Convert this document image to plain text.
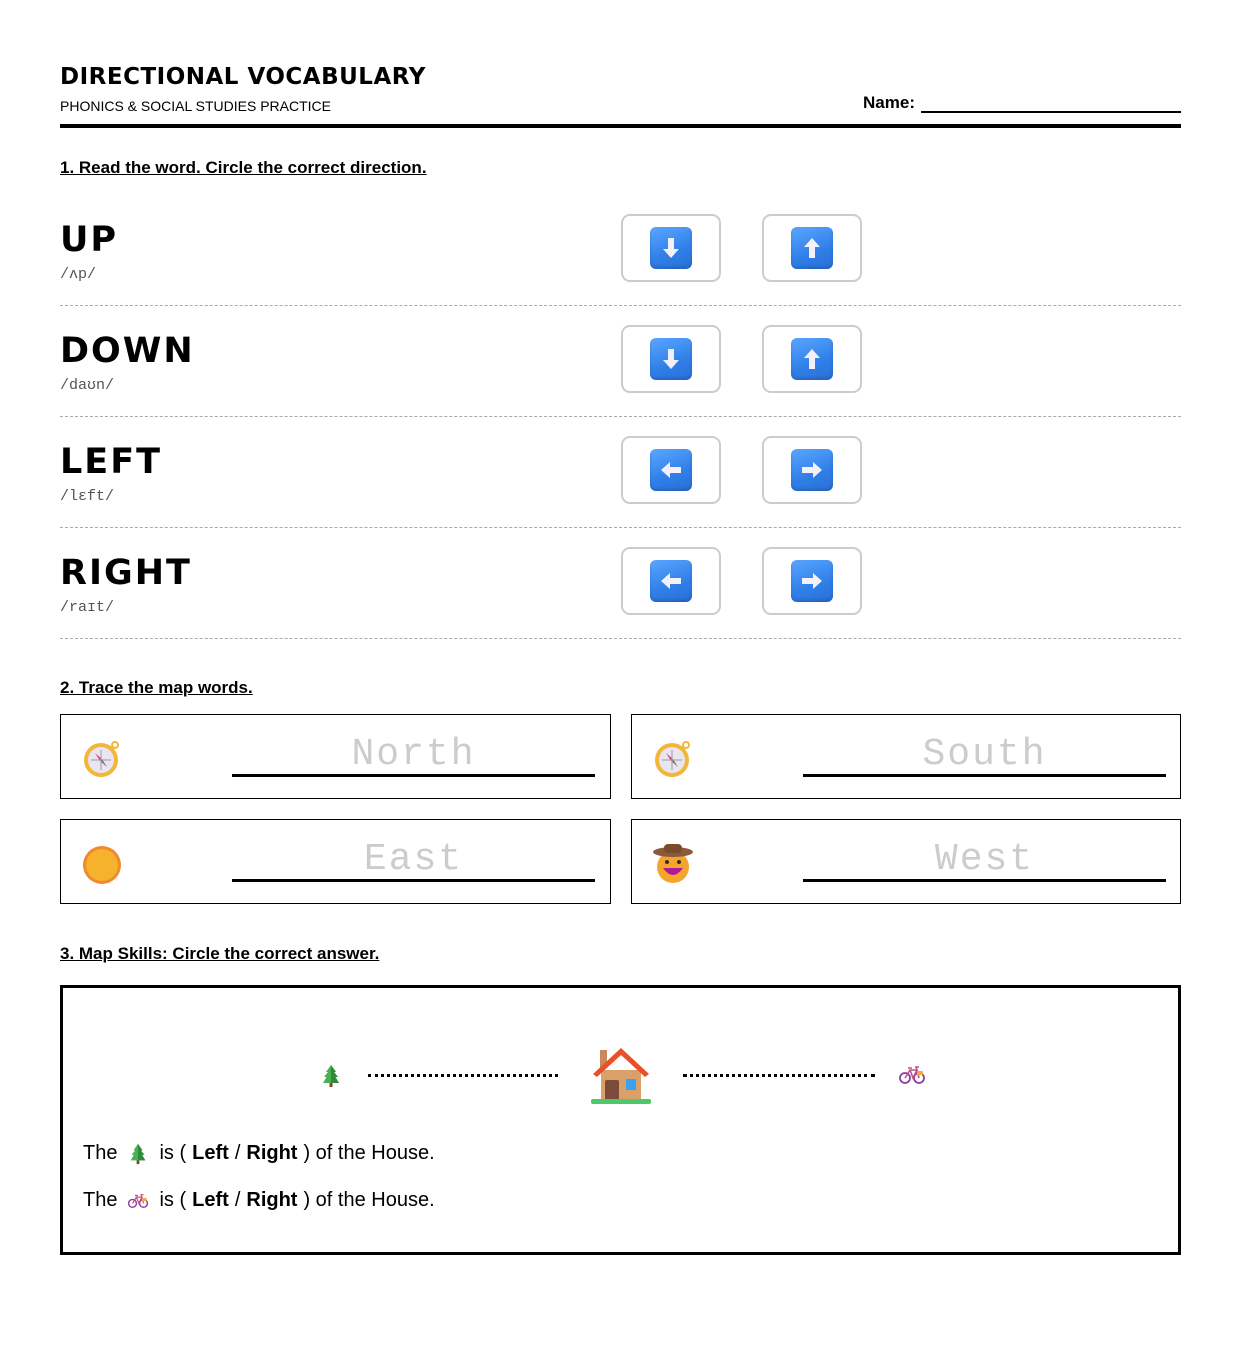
DIRECTIONAL VOCABULARY
PHONICS & SOCIAL STUDIES PRACTICE	Name:
1. Read the word. Circle the correct direction.
UP
/ʌp/
DOWN
/daʊn/
LEFT
/lɛft/
RIGHT
/raɪt/
2. Trace the map words.
North	South
East	West
3. Map Skills: Circle the correct answer.
The is ( Left / Right ) of the House.
The is ( Left / Right ) of the House.
